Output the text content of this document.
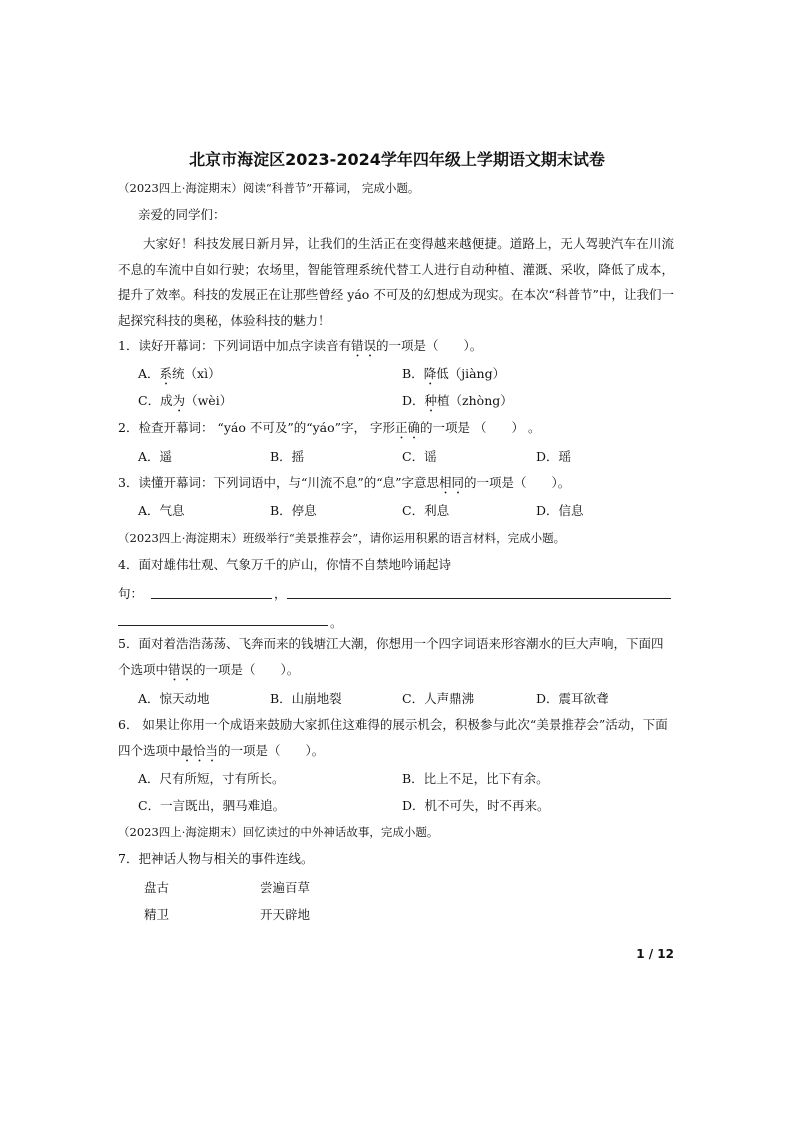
北京市海淀区2023-2024学年四年级上学期语文期末试卷
（2023四上·海淀期末）阅读“科普节”开幕词， 完成小题。
亲爱的同学们：
大家好！科技发展日新月异，让我们的生活正在变得越来越便捷。道路上，无人驾驶汽车在川流不息的车流中自如行驶；农场里，智能管理系统代替工人进行自动种植、灌溉、采收，降低了成本，提升了效率。科技的发展正在让那些曾经 yáo 不可及的幻想成为现实。在本次“科普节”中，让我们一起探究科技的奥秘，体验科技的魅力！
1．读好开幕词：下列词语中加点字读音有错误的一项是（　　）。
A．系统（xì）	B．降低（jiàng）
C．成为（wèi）	D．种植（zhòng）
2．检查开幕词： “yáo 不可及”的“yáo”字， 字形正确的一项是 （　　） 。
A．遥	B．摇	C．谣	D．瑶
3．读懂开幕词：下列词语中，与“川流不息”的“息”字意思相同的一项是（　　）。
A．气息	B．停息	C．利息	D．信息
（2023四上·海淀期末）班级举行“美景推荐会”，请你运用积累的语言材料，完成小题。
4．面对雄伟壮观、气象万千的庐山，你情不自禁地吟诵起诗
句：	，
。
5．面对着浩浩荡荡、飞奔而来的钱塘江大潮，你想用一个四字词语来形容潮水的巨大声响，下面四
个选项中错误的一项是（　　）。
A．惊天动地	B．山崩地裂	C．人声鼎沸	D．震耳欲聋
6． 如果让你用一个成语来鼓励大家抓住这难得的展示机会，积极参与此次“美景推荐会”活动，下面
四个选项中最恰当的一项是（　　）。
A．尺有所短，寸有所长。	B．比上不足，比下有余。
C．一言既出，驷马难追。	D．机不可失，时不再来。
（2023四上·海淀期末）回忆读过的中外神话故事，完成小题。
7．把神话人物与相关的事件连线。
盘古	尝遍百草
精卫	开天辟地
1 / 12
